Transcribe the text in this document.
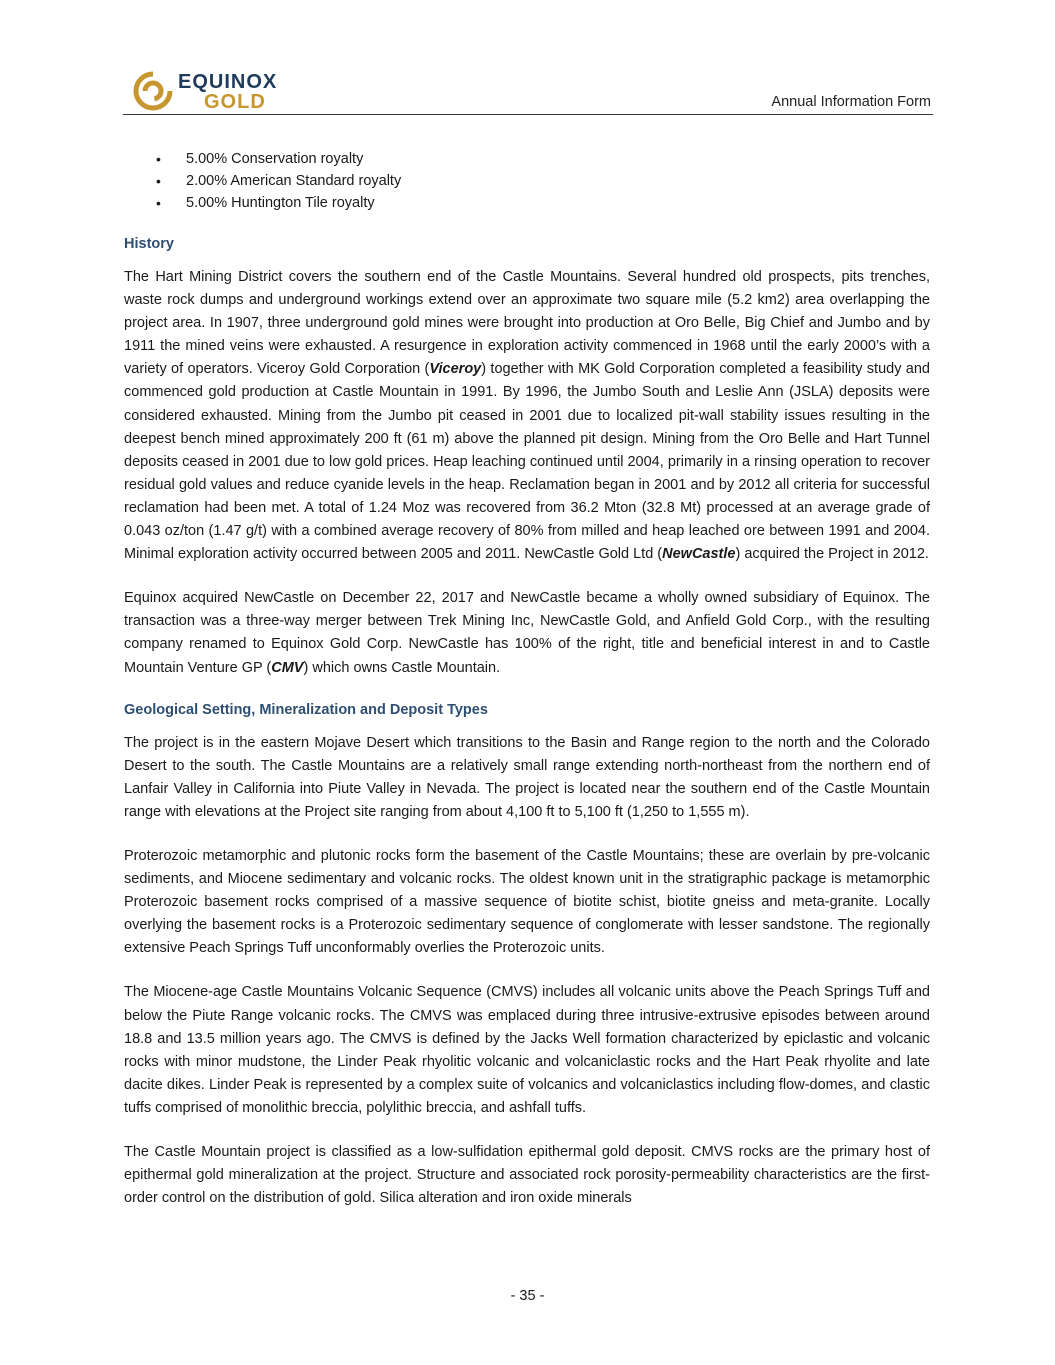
EQUINOX
GOLD	Annual Information Form
• 5.00% Conservation royalty
• 2.00% American Standard royalty
• 5.00% Huntington Tile royalty
History

The Hart Mining District covers the southern end of the Castle Mountains. Several hundred old prospects, pits trenches, waste rock dumps and underground workings extend over an approximate two square mile (5.2 km2) area overlapping the project area. In 1907, three underground gold mines were brought into production at Oro Belle, Big Chief and Jumbo and by 1911 the mined veins were exhausted. A resurgence in exploration activity commenced in 1968 until the early 2000’s with a variety of operators. Viceroy Gold Corporation (Viceroy) together with MK Gold Corporation completed a feasibility study and commenced gold production at Castle Mountain in 1991. By 1996, the Jumbo South and Leslie Ann (JSLA) deposits were considered exhausted. Mining from the Jumbo pit ceased in 2001 due to localized pit-wall stability issues resulting in the deepest bench mined approximately 200 ft (61 m) above the planned pit design. Mining from the Oro Belle and Hart Tunnel deposits ceased in 2001 due to low gold prices. Heap leaching continued until 2004, primarily in a rinsing operation to recover residual gold values and reduce cyanide levels in the heap. Reclamation began in 2001 and by 2012 all criteria for successful reclamation had been met. A total of 1.24 Moz was recovered from 36.2 Mton (32.8 Mt) processed at an average grade of 0.043 oz/ton (1.47 g/t) with a combined average recovery of 80% from milled and heap leached ore between 1991 and 2004. Minimal exploration activity occurred between 2005 and 2011. NewCastle Gold Ltd (NewCastle) acquired the Project in 2012.

Equinox acquired NewCastle on December 22, 2017 and NewCastle became a wholly owned subsidiary of Equinox. The transaction was a three-way merger between Trek Mining Inc, NewCastle Gold, and Anfield Gold Corp., with the resulting company renamed to Equinox Gold Corp. NewCastle has 100% of the right, title and beneficial interest in and to Castle Mountain Venture GP (CMV) which owns Castle Mountain.

Geological Setting, Mineralization and Deposit Types

The project is in the eastern Mojave Desert which transitions to the Basin and Range region to the north and the Colorado Desert to the south. The Castle Mountains are a relatively small range extending north-northeast from the northern end of Lanfair Valley in California into Piute Valley in Nevada. The project is located near the southern end of the Castle Mountain range with elevations at the Project site ranging from about 4,100 ft to 5,100 ft (1,250 to 1,555 m).

Proterozoic metamorphic and plutonic rocks form the basement of the Castle Mountains; these are overlain by pre-volcanic sediments, and Miocene sedimentary and volcanic rocks. The oldest known unit in the stratigraphic package is metamorphic Proterozoic basement rocks comprised of a massive sequence of biotite schist, biotite gneiss and meta-granite. Locally overlying the basement rocks is a Proterozoic sedimentary sequence of conglomerate with lesser sandstone. The regionally extensive Peach Springs Tuff unconformably overlies the Proterozoic units.

The Miocene-age Castle Mountains Volcanic Sequence (CMVS) includes all volcanic units above the Peach Springs Tuff and below the Piute Range volcanic rocks. The CMVS was emplaced during three intrusive-extrusive episodes between around 18.8 and 13.5 million years ago. The CMVS is defined by the Jacks Well formation characterized by epiclastic and volcanic rocks with minor mudstone, the Linder Peak rhyolitic volcanic and volcaniclastic rocks and the Hart Peak rhyolite and late dacite dikes. Linder Peak is represented by a complex suite of volcanics and volcaniclastics including flow-domes, and clastic tuffs comprised of monolithic breccia, polylithic breccia, and ashfall tuffs.

The Castle Mountain project is classified as a low-sulfidation epithermal gold deposit. CMVS rocks are the primary host of epithermal gold mineralization at the project. Structure and associated rock porosity-permeability characteristics are the first-order control on the distribution of gold. Silica alteration and iron oxide minerals

- 35 -
